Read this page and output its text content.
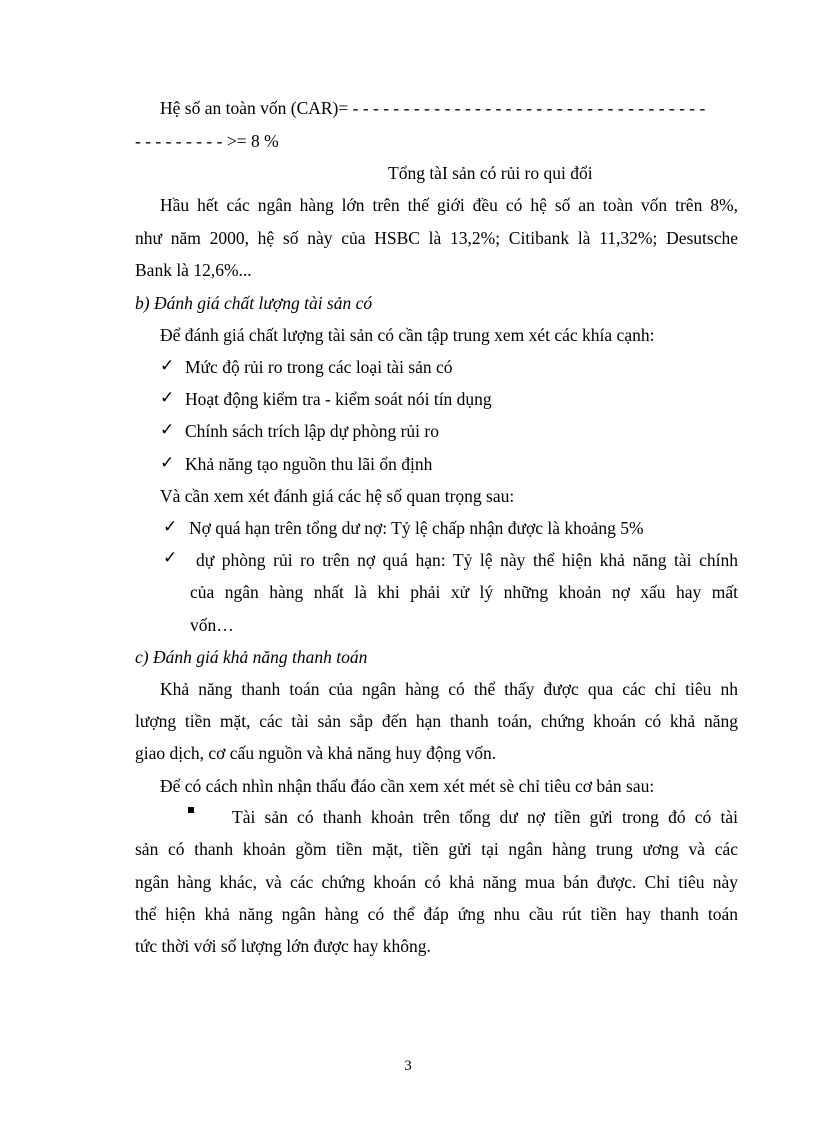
Hệ số an toàn vốn (CAR)= - - - - - - - - - - - - - - - - - - - - - - - - - - - - - - - - - - -
- - - - - - - - - >= 8 %
Tổng tàI sản có rủi ro qui đổi
Hầu hết các ngân hàng lớn trên thế giới đều có hệ số an toàn vốn trên 8%,
như năm 2000, hệ số này của HSBC là 13,2%; Citibank là 11,32%; Desutsche
Bank là 12,6%...
b) Đánh giá chất lượng tài sản có
Để đánh giá chất lượng tài sản có cần tập trung xem xét các khía cạnh:
✓ Mức độ rủi ro trong các loại tài sản có
✓ Hoạt động kiểm tra - kiểm soát nói tín dụng
✓ Chính sách trích lập dự phòng rủi ro
✓ Khả năng tạo nguồn thu lãi ổn định
Và cần xem xét đánh giá các hệ số quan trọng sau:
✓ Nợ quá hạn trên tổng dư nợ: Tỷ lệ chấp nhận được là khoảng 5%
✓ dự phòng rủi ro trên nợ quá hạn: Tỷ lệ này thể hiện khả năng tài chính
của ngân hàng nhất là khi phải xử lý những khoản nợ xấu hay mất
vốn…
c) Đánh giá khả năng thanh toán
Khả năng thanh toán của ngân hàng có thể thấy được qua các chỉ tiêu nh
lượng tiền mặt, các tài sản sắp đến hạn thanh toán, chứng khoán có khả năng
giao dịch, cơ cấu nguồn và khả năng huy động vốn.
Để có cách nhìn nhận thấu đáo cần xem xét mét sè chỉ tiêu cơ bản sau:
Tài sản có thanh khoản trên tổng dư nợ tiền gửi trong đó có tài
sản có thanh khoản gồm tiền mặt, tiền gửi tại ngân hàng trung ương và các
ngân hàng khác, và các chứng khoán có khả năng mua bán được. Chỉ tiêu này
thể hiện khả năng ngân hàng có thể đáp ứng nhu cầu rút tiền hay thanh toán
tức thời với số lượng lớn được hay không.
3
